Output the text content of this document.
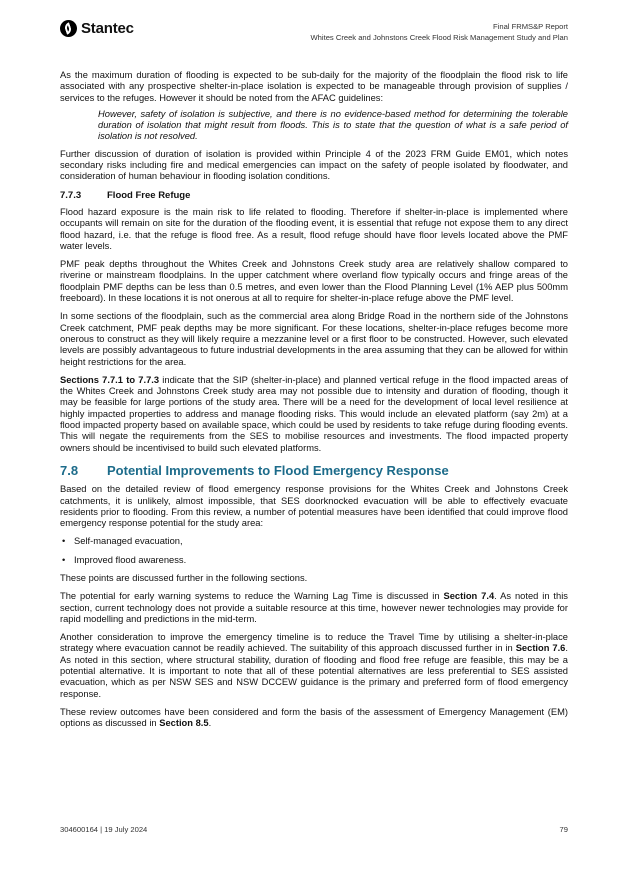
Stantec	Final FRMS&P Report
Whites Creek and Johnstons Creek Flood Risk Management Study and Plan

As the maximum duration of flooding is expected to be sub-daily for the majority of the floodplain the flood risk to life associated with any prospective shelter-in-place isolation is expected to be manageable through provision of supplies / services to the refuges. However it should be noted from the AFAC guidelines:

However, safety of isolation is subjective, and there is no evidence-based method for determining the tolerable duration of isolation that might result from floods. This is to state that the question of what is a safe period of isolation is not resolved.

Further discussion of duration of isolation is provided within Principle 4 of the 2023 FRM Guide EM01, which notes secondary risks including fire and medical emergencies can impact on the safety of people isolated by floodwater, and consideration of human behaviour in flooding isolation conditions.

7.7.3	Flood Free Refuge

Flood hazard exposure is the main risk to life related to flooding. Therefore if shelter-in-place is implemented where occupants will remain on site for the duration of the flooding event, it is essential that refuge not expose them to any direct flood hazard, i.e. that the refuge is flood free. As a result, flood refuge should have floor levels located above the PMF water levels.

PMF peak depths throughout the Whites Creek and Johnstons Creek study area are relatively shallow compared to riverine or mainstream floodplains. In the upper catchment where overland flow typically occurs and fringe areas of the floodplain PMF depths can be less than 0.5 metres, and even lower than the Flood Planning Level (1% AEP plus 500mm freeboard). In these locations it is not onerous at all to require for shelter-in-place refuge above the PMF level.

In some sections of the floodplain, such as the commercial area along Bridge Road in the northern side of the Johnstons Creek catchment, PMF peak depths may be more significant. For these locations, shelter-in-place refuges become more onerous to construct as they will likely require a mezzanine level or a first floor to be constructed. However, such elevated levels are possibly advantageous to future industrial developments in the area assuming that they can be allowed for within height restrictions for the area.

Sections 7.7.1 to 7.7.3 indicate that the SIP (shelter-in-place) and planned vertical refuge in the flood impacted areas of the Whites Creek and Johnstons Creek study area may not possible due to intensity and duration of flooding, though it may be feasible for large portions of the study area. There will be a need for the development of local level resilience at highly impacted properties to address and manage flooding risks. This would include an elevated platform (say 2m) at a flood impacted property based on available space, which could be used by residents to take refuge during flooding events. This will negate the requirements from the SES to mobilise resources and investments. The flood impacted property owners should be incentivised to build such elevated platforms.

7.8 Potential Improvements to Flood Emergency Response

Based on the detailed review of flood emergency response provisions for the Whites Creek and Johnstons Creek catchments, it is unlikely, almost impossible, that SES doorknocked evacuation will be able to effectively evacuate residents prior to flooding. From this review, a number of potential measures have been identified that could improve flood emergency response potential for the study area:

• Self-managed evacuation,
• Improved flood awareness.

These points are discussed further in the following sections.

The potential for early warning systems to reduce the Warning Lag Time is discussed in Section 7.4. As noted in this section, current technology does not provide a suitable resource at this time, however newer technologies may provide for rapid modelling and predictions in the mid-term.

Another consideration to improve the emergency timeline is to reduce the Travel Time by utilising a shelter-in-place strategy where evacuation cannot be readily achieved. The suitability of this approach discussed further in in Section 7.6. As noted in this section, where structural stability, duration of flooding and flood free refuge are feasible, this may be a potential alternative. It is important to note that all of these potential alternatives are less preferential to SES assisted evacuation, which as per NSW SES and NSW DCCEW guidance is the primary and preferred form of flood emergency response.

These review outcomes have been considered and form the basis of the assessment of Emergency Management (EM) options as discussed in Section 8.5.

304600164 | 19 July 2024	79
